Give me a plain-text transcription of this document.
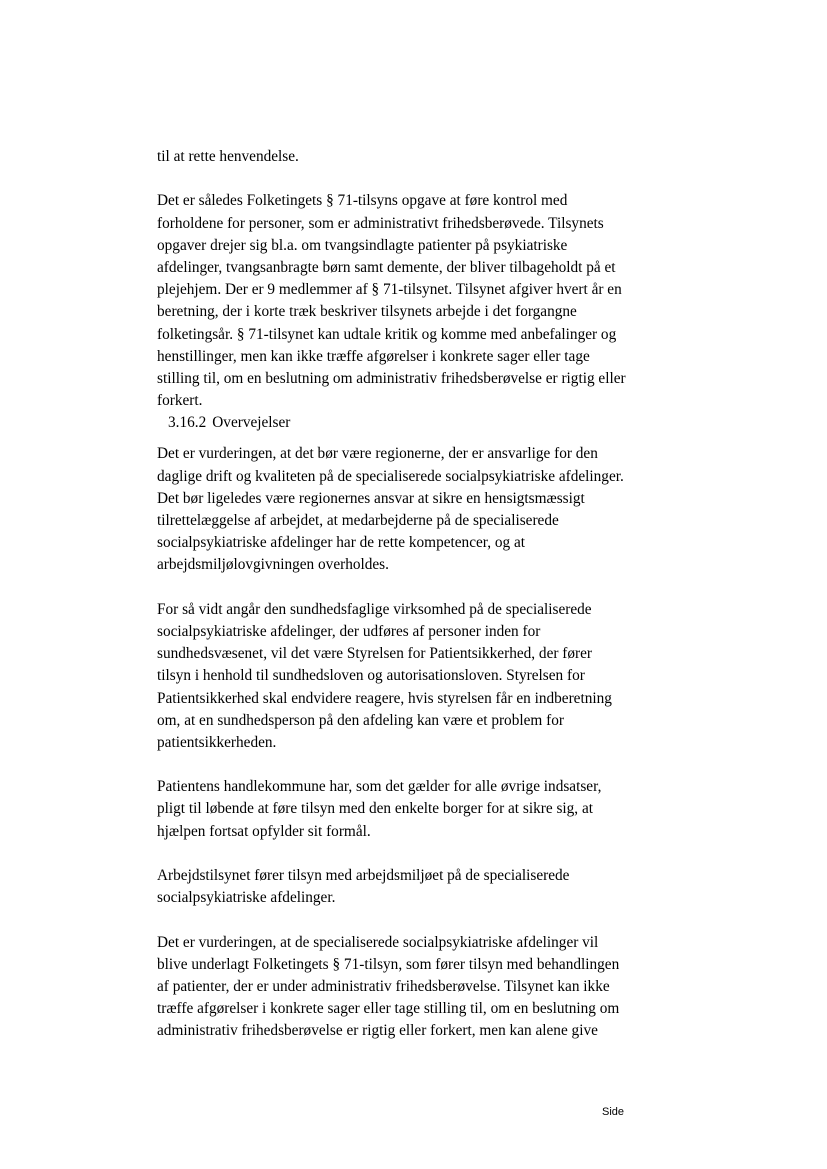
til at rette henvendelse.
Det er således Folketingets § 71-tilsyns opgave at føre kontrol med
forholdene for personer, som er administrativt frihedsberøvede. Tilsynets
opgaver drejer sig bl.a. om tvangsindlagte patienter på psykiatriske
afdelinger, tvangsanbragte børn samt demente, der bliver tilbageholdt på et
plejehjem. Der er 9 medlemmer af § 71-tilsynet. Tilsynet afgiver hvert år en
beretning, der i korte træk beskriver tilsynets arbejde i det forgangne
folketingsår. § 71-tilsynet kan udtale kritik og komme med anbefalinger og
henstillinger, men kan ikke træffe afgørelser i konkrete sager eller tage
stilling til, om en beslutning om administrativ frihedsberøvelse er rigtig eller
forkert.
3.16.2 Overvejelser
Det er vurderingen, at det bør være regionerne, der er ansvarlige for den
daglige drift og kvaliteten på de specialiserede socialpsykiatriske afdelinger.
Det bør ligeledes være regionernes ansvar at sikre en hensigtsmæssigt
tilrettelæggelse af arbejdet, at medarbejderne på de specialiserede
socialpsykiatriske afdelinger har de rette kompetencer, og at
arbejdsmiljølovgivningen overholdes.
For så vidt angår den sundhedsfaglige virksomhed på de specialiserede
socialpsykiatriske afdelinger, der udføres af personer inden for
sundhedsvæsenet, vil det være Styrelsen for Patientsikkerhed, der fører
tilsyn i henhold til sundhedsloven og autorisationsloven. Styrelsen for
Patientsikkerhed skal endvidere reagere, hvis styrelsen får en indberetning
om, at en sundhedsperson på den afdeling kan være et problem for
patientsikkerheden.
Patientens handlekommune har, som det gælder for alle øvrige indsatser,
pligt til løbende at føre tilsyn med den enkelte borger for at sikre sig, at
hjælpen fortsat opfylder sit formål.
Arbejdstilsynet fører tilsyn med arbejdsmiljøet på de specialiserede
socialpsykiatriske afdelinger.
Det er vurderingen, at de specialiserede socialpsykiatriske afdelinger vil
blive underlagt Folketingets § 71-tilsyn, som fører tilsyn med behandlingen
af patienter, der er under administrativ frihedsberøvelse. Tilsynet kan ikke
træffe afgørelser i konkrete sager eller tage stilling til, om en beslutning om
administrativ frihedsberøvelse er rigtig eller forkert, men kan alene give
Side
